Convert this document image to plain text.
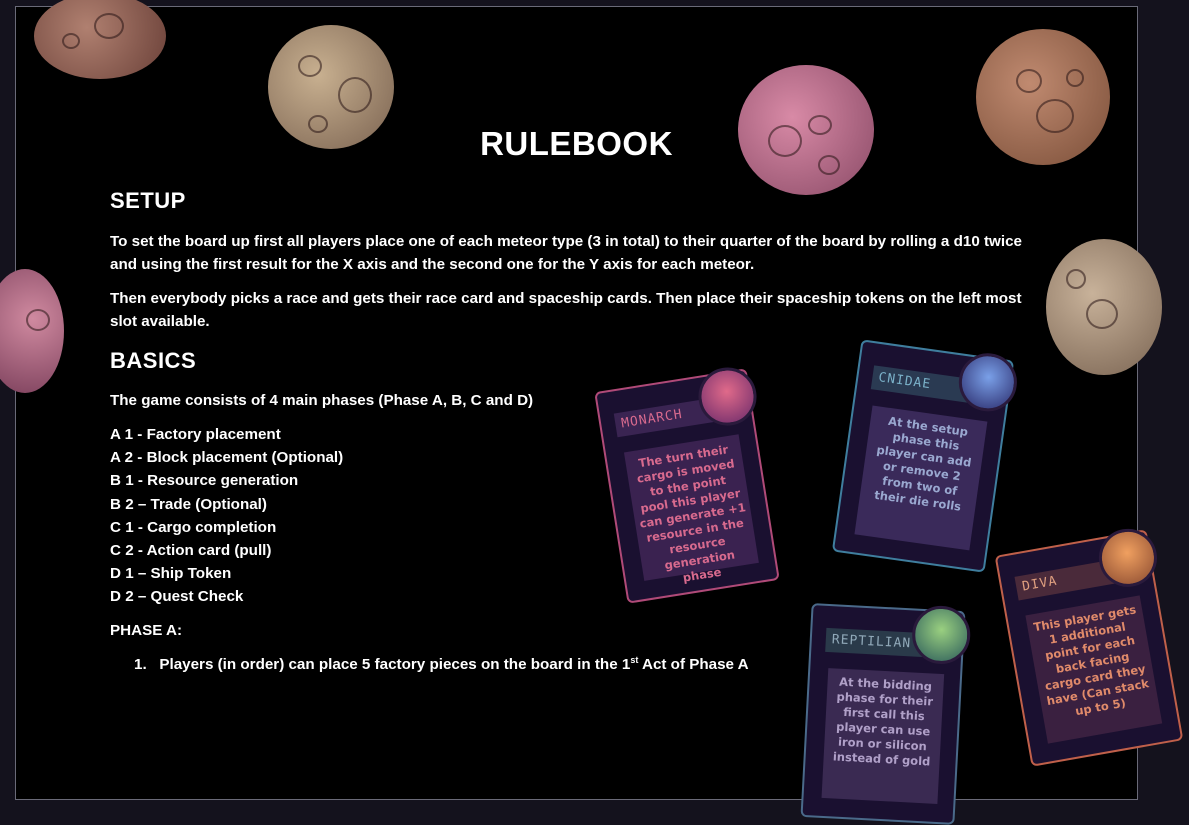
MONARCH
The turn their cargo is moved to the point pool this player can generate +1 resource in the resource generation phase
CNIDAE
At the setup phase this player can add or remove 2 from two of their die rolls
REPTILIAN
At the bidding phase for their first call this player can use iron or silicon instead of gold
DIVA
This player gets 1 additional point for each back facing cargo card they have (Can stack up to 5)
RULEBOOK
SETUP

To set the board up first all players place one of each meteor type (3 in total) to their quarter of the board by rolling a d10 twice and using the first result for the X axis and the second one for the Y axis for each meteor.

Then everybody picks a race and gets their race card and spaceship cards. Then place their spaceship tokens on the left most slot available.

BASICS

The game consists of 4 main phases (Phase A, B, C and D)

A 1 - Factory placement
A 2 - Block placement (Optional)
B 1 - Resource generation
B 2 – Trade (Optional)
C 1 - Cargo completion
C 2 - Action card (pull)
D 1 – Ship Token
D 2 – Quest Check

PHASE A:

1. Players (in order) can place 5 factory pieces on the board in the 1st Act of Phase A
